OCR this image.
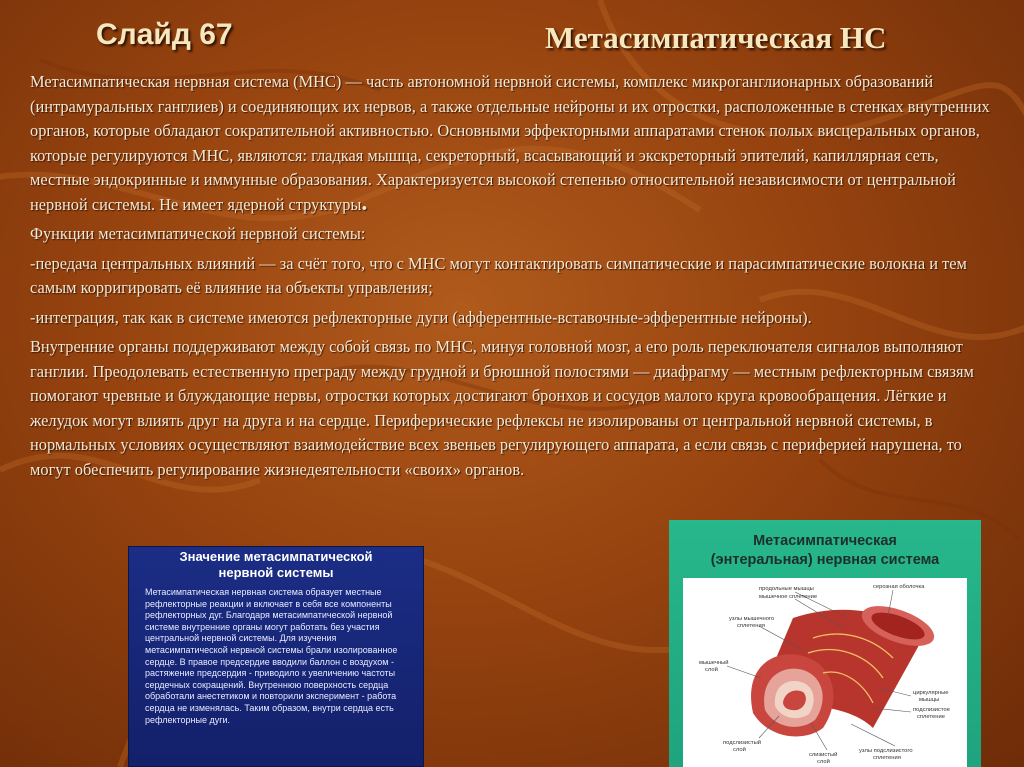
Слайд 67	Метасимпатическая НС

Метасимпатическая нервная система (МНС) — часть автономной нервной системы, комплекс микроганглионарных образований (интрамуральных ганглиев) и соединяющих их нервов, а также отдельные нейроны и их отростки, расположенные в стенках внутренних органов, которые обладают сократительной активностью. Основными эффекторными аппаратами стенок полых висцеральных органов, которые регулируются МНС, являются: гладкая мышца, секреторный, всасывающий и экскреторный эпителий, капиллярная сеть, местные эндокринные и иммунные образования. Характеризуется высокой степенью относительной независимости от центральной нервной системы. Не имеет ядерной структуры.

Функции метасимпатической нервной системы:

-передача центральных влияний — за счёт того, что с МНС могут контактировать симпатические и парасимпатические волокна и тем самым корригировать её влияние на объекты управления;

-интеграция, так как в системе имеются рефлекторные дуги (афферентные-вставочные-эфферентные нейроны).

Внутренние органы поддерживают между собой связь по МНС, минуя головной мозг, а его роль переключателя сигналов выполняют ганглии. Преодолевать естественную преграду между грудной и брюшной полостями — диафрагму — местным рефлекторным связям помогают чревные и блуждающие нервы, отростки которых достигают бронхов и сосудов малого круга кровообращения. Лёгкие и желудок могут влиять друг на друга и на сердце. Периферические рефлексы не изолированы от центральной нервной системы, в нормальных условиях осуществляют взаимодействие всех звеньев регулирующего аппарата, а если связь с периферией нарушена, то могут обеспечить регулирование жизнедеятельности «своих» органов.

Значение метасимпатической
нервной системы
Метасимпатическая нервная система образует местные рефлекторные реакции и включает в себя все компоненты рефлекторных дуг. Благодаря метасимпатической нервной системе внутренние органы могут работать без участия центральной нервной системы. Для изучения метасимпатической нервной системы брали изолированное сердце. В правое предсердие вводили баллон с воздухом - растяжение предсердия - приводило к увеличению частоты сердечных сокращений. Внутреннюю поверхность сердца обработали анестетиком и повторили эксперимент - работа сердца не изменялась. Таким образом, внутри сердца есть рефлекторные дуги.
Метасимпатическая
(энтеральная) нервная система
продольные мышцы
мышечное сплетение
серозная оболочка
узлы мышечного
сплетения
мышечный
слой
циркулярные
мышцы
подслизистое
сплетение
подслизистый
слой
слизистый
слой
узлы подслизистого
сплетения
